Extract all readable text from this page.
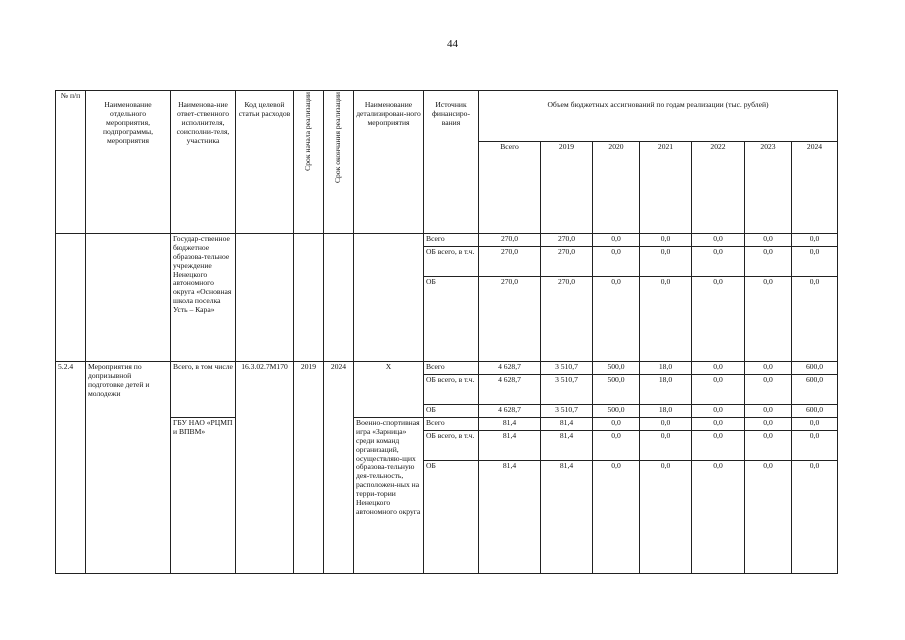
44
№ п/п	Наименование отдельного мероприятия, подпрограммы, мероприятия	Наименова-ние ответ-ственного исполнителя, соисполни-теля, участника	Код целевой статьи расходов	Срок начала реализации	Срок окончания реализации	Наименование детализирован-ного мероприятия	Источник финансиро-вания	Объем бюджетных ассигнований по годам реализации (тыс. рублей)						
								Всего	2019	2020	2021	2022	2023	2024
		Государ-ственное бюджетное образова-тельное учреждение Ненецкого автономного округа «Основная школа поселка Усть – Кара»					Всего	270,0	270,0	0,0	0,0	0,0	0,0	0,0
							ОБ всего, в т.ч.	270,0	270,0	0,0	0,0	0,0	0,0	0,0
							ОБ	270,0	270,0	0,0	0,0	0,0	0,0	0,0
5.2.4	Мероприятия по допризывной подготовке детей и молодежи	Всего, в том числе	16.3.02.7М170	2019	2024	Х	Всего	4 628,7	3 510,7	500,0	18,0	0,0	0,0	600,0
							ОБ всего, в т.ч.	4 628,7	3 510,7	500,0	18,0	0,0	0,0	600,0
							ОБ	4 628,7	3 510,7	500,0	18,0	0,0	0,0	600,0
		ГБУ НАО «РЦМП и ВПВМ»				Военно-спортивная игра «Зарница» среди команд организаций, осуществляю-щих образова-тельную дея-тельность, расположен-ных на терри-тории Ненецкого автономного округа	Всего	81,4	81,4	0,0	0,0	0,0	0,0	0,0
							ОБ всего, в т.ч.	81,4	81,4	0,0	0,0	0,0	0,0	0,0
							ОБ	81,4	81,4	0,0	0,0	0,0	0,0	0,0
